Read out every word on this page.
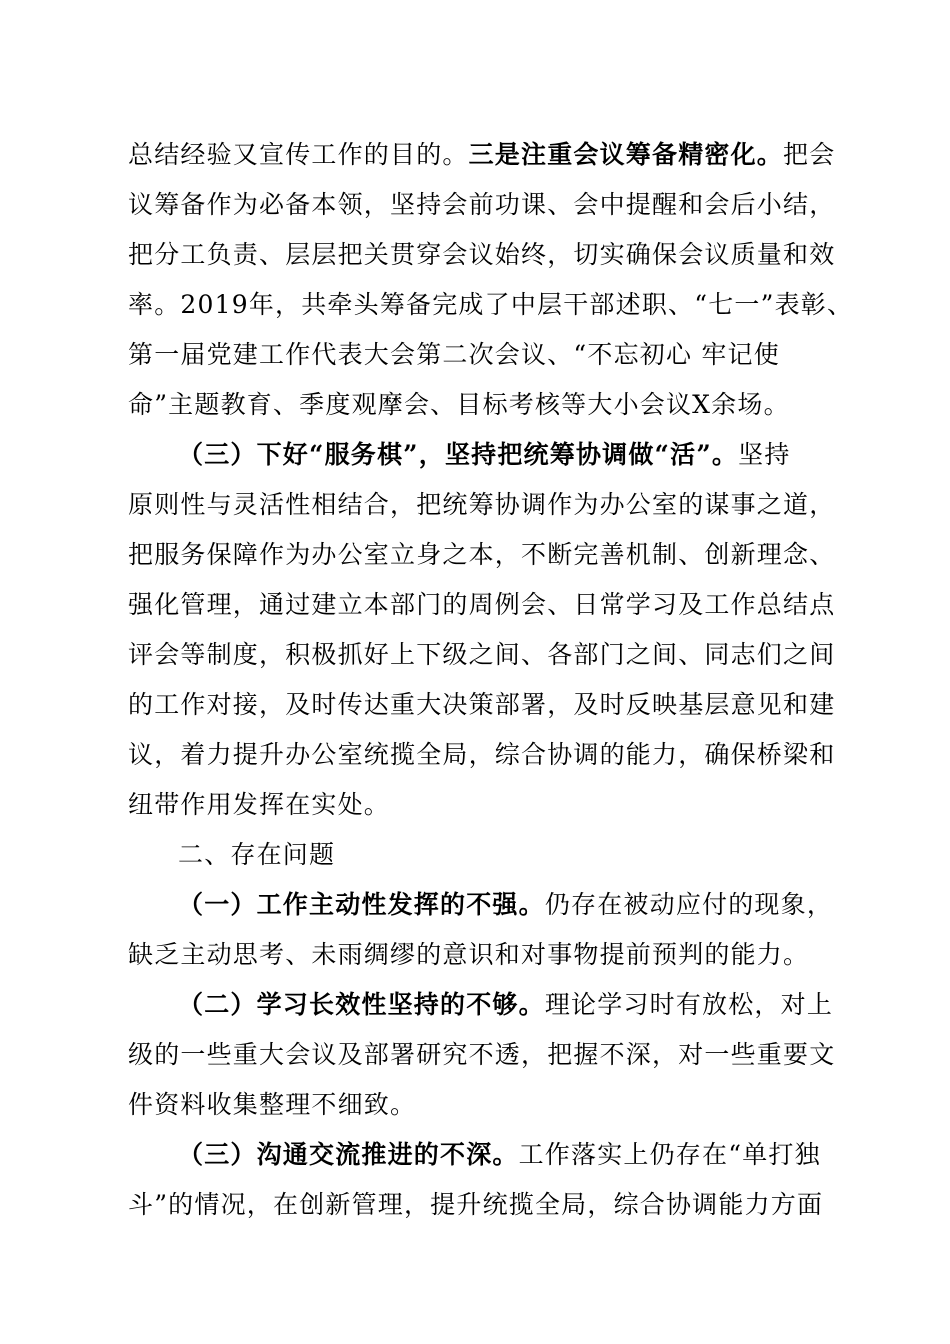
总结经验又宣传工作的目的。三是注重会议筹备精密化。把会
议筹备作为必备本领，坚持会前功课、会中提醒和会后小结，
把分工负责、层层把关贯穿会议始终，切实确保会议质量和效
率。2019年，共牵头筹备完成了中层干部述职、“七一”表彰、
第一届党建工作代表大会第二次会议、“不忘初心 牢记使
命”主题教育、季度观摩会、目标考核等大小会议X余场。
（三）下好“服务棋”，坚持把统筹协调做“活”。坚持
原则性与灵活性相结合，把统筹协调作为办公室的谋事之道，
把服务保障作为办公室立身之本，不断完善机制、创新理念、
强化管理，通过建立本部门的周例会、日常学习及工作总结点
评会等制度，积极抓好上下级之间、各部门之间、同志们之间
的工作对接，及时传达重大决策部署，及时反映基层意见和建
议，着力提升办公室统揽全局，综合协调的能力，确保桥梁和
纽带作用发挥在实处。
二、存在问题
（一）工作主动性发挥的不强。仍存在被动应付的现象，
缺乏主动思考、未雨绸缪的意识和对事物提前预判的能力。
（二）学习长效性坚持的不够。理论学习时有放松，对上
级的一些重大会议及部署研究不透，把握不深，对一些重要文
件资料收集整理不细致。
（三）沟通交流推进的不深。工作落实上仍存在“单打独
斗”的情况，在创新管理，提升统揽全局，综合协调能力方面
